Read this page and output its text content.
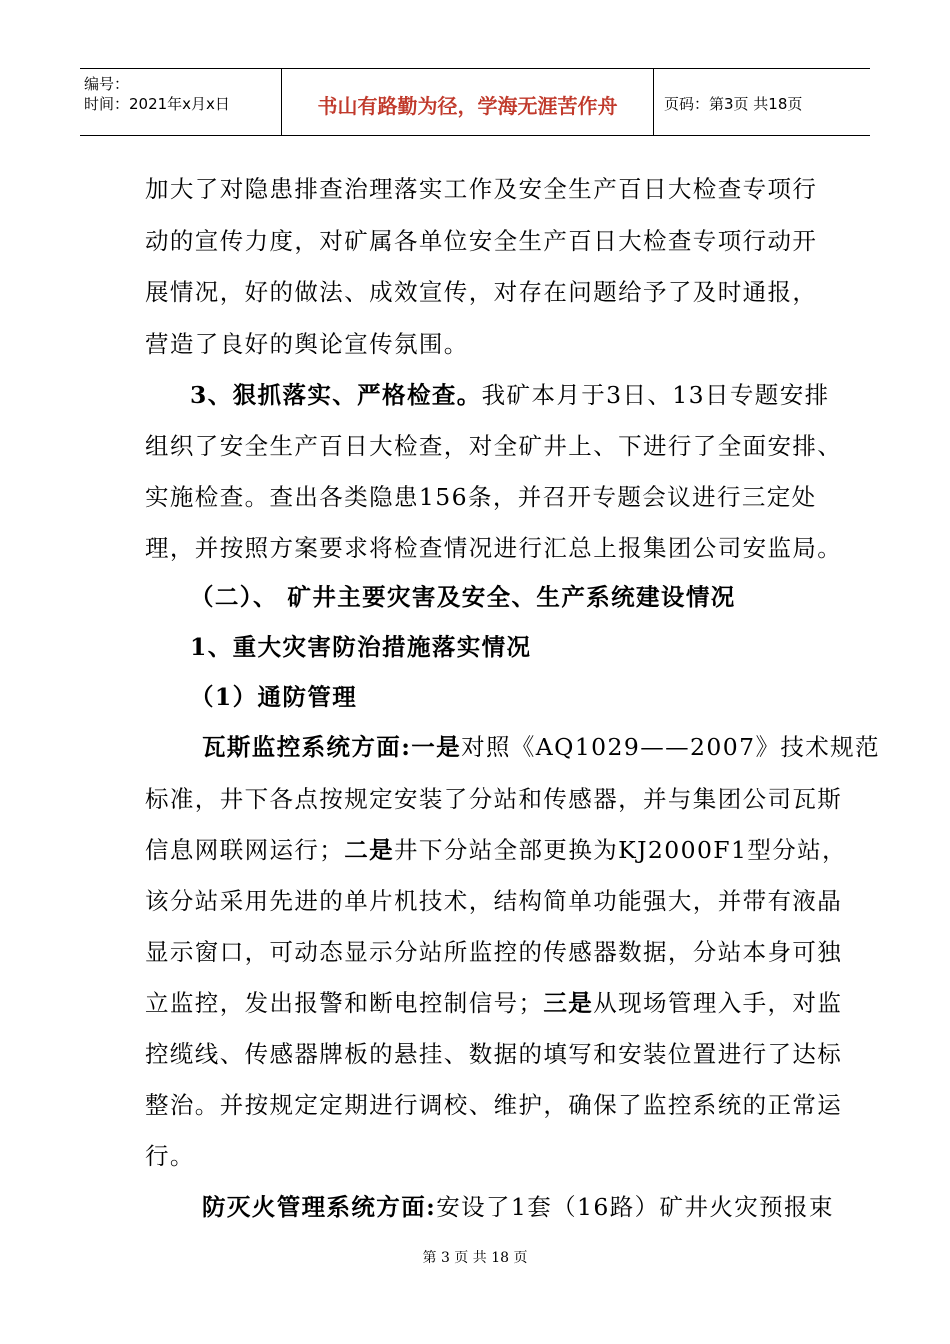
编号：
时间：2021年x月x日	书山有路勤为径，学海无涯苦作舟	页码：第3页 共18页
加大了对隐患排查治理落实工作及安全生产百日大检查专项行
动的宣传力度，对矿属各单位安全生产百日大检查专项行动开
展情况，好的做法、成效宣传，对存在问题给予了及时通报，
营造了良好的舆论宣传氛围。
3、狠抓落实、严格检查。我矿本月于3日、13日专题安排
组织了安全生产百日大检查，对全矿井上、下进行了全面安排、
实施检查。查出各类隐患156条，并召开专题会议进行三定处
理，并按照方案要求将检查情况进行汇总上报集团公司安监局。
（二）、 矿井主要灾害及安全、生产系统建设情况
1、重大灾害防治措施落实情况
（1）通防管理
瓦斯监控系统方面:一是对照《AQ1029——2007》技术规范
标准，井下各点按规定安装了分站和传感器，并与集团公司瓦斯
信息网联网运行；二是井下分站全部更换为KJ2000F1型分站，
该分站采用先进的单片机技术，结构简单功能强大，并带有液晶
显示窗口，可动态显示分站所监控的传感器数据，分站本身可独
立监控，发出报警和断电控制信号；三是从现场管理入手，对监
控缆线、传感器牌板的悬挂、数据的填写和安装位置进行了达标
整治。并按规定定期进行调校、维护，确保了监控系统的正常运
行。
防灭火管理系统方面:安设了1套（16路）矿井火灾预报束
第 3 页 共 18 页
